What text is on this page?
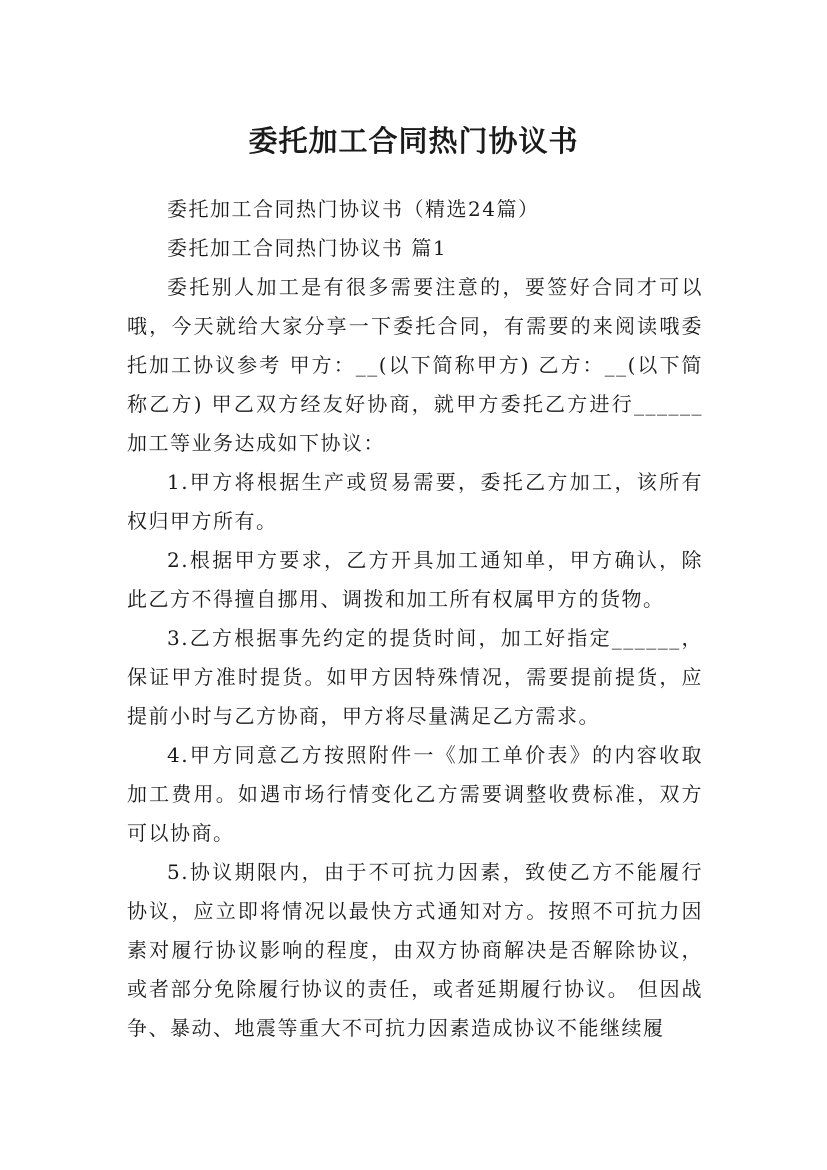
委托加工合同热门协议书

委托加工合同热门协议书（精选24篇）

委托加工合同热门协议书 篇1

委托别人加工是有很多需要注意的，要签好合同才可以哦，今天就给大家分享一下委托合同，有需要的来阅读哦委托加工协议参考 甲方：__(以下简称甲方) 乙方：__(以下简称乙方) 甲乙双方经友好协商，就甲方委托乙方进行______加工等业务达成如下协议：

1.甲方将根据生产或贸易需要，委托乙方加工，该所有权归甲方所有。

2.根据甲方要求，乙方开具加工通知单，甲方确认，除此乙方不得擅自挪用、调拨和加工所有权属甲方的货物。

3.乙方根据事先约定的提货时间，加工好指定______，保证甲方准时提货。如甲方因特殊情况，需要提前提货，应提前小时与乙方协商，甲方将尽量满足乙方需求。

4.甲方同意乙方按照附件一《加工单价表》的内容收取加工费用。如遇市场行情变化乙方需要调整收费标准，双方可以协商。

5.协议期限内，由于不可抗力因素，致使乙方不能履行协议，应立即将情况以最快方式通知对方。按照不可抗力因素对履行协议影响的程度，由双方协商解决是否解除协议，或者部分免除履行协议的责任，或者延期履行协议。 但因战争、暴动、地震等重大不可抗力因素造成协议不能继续履
